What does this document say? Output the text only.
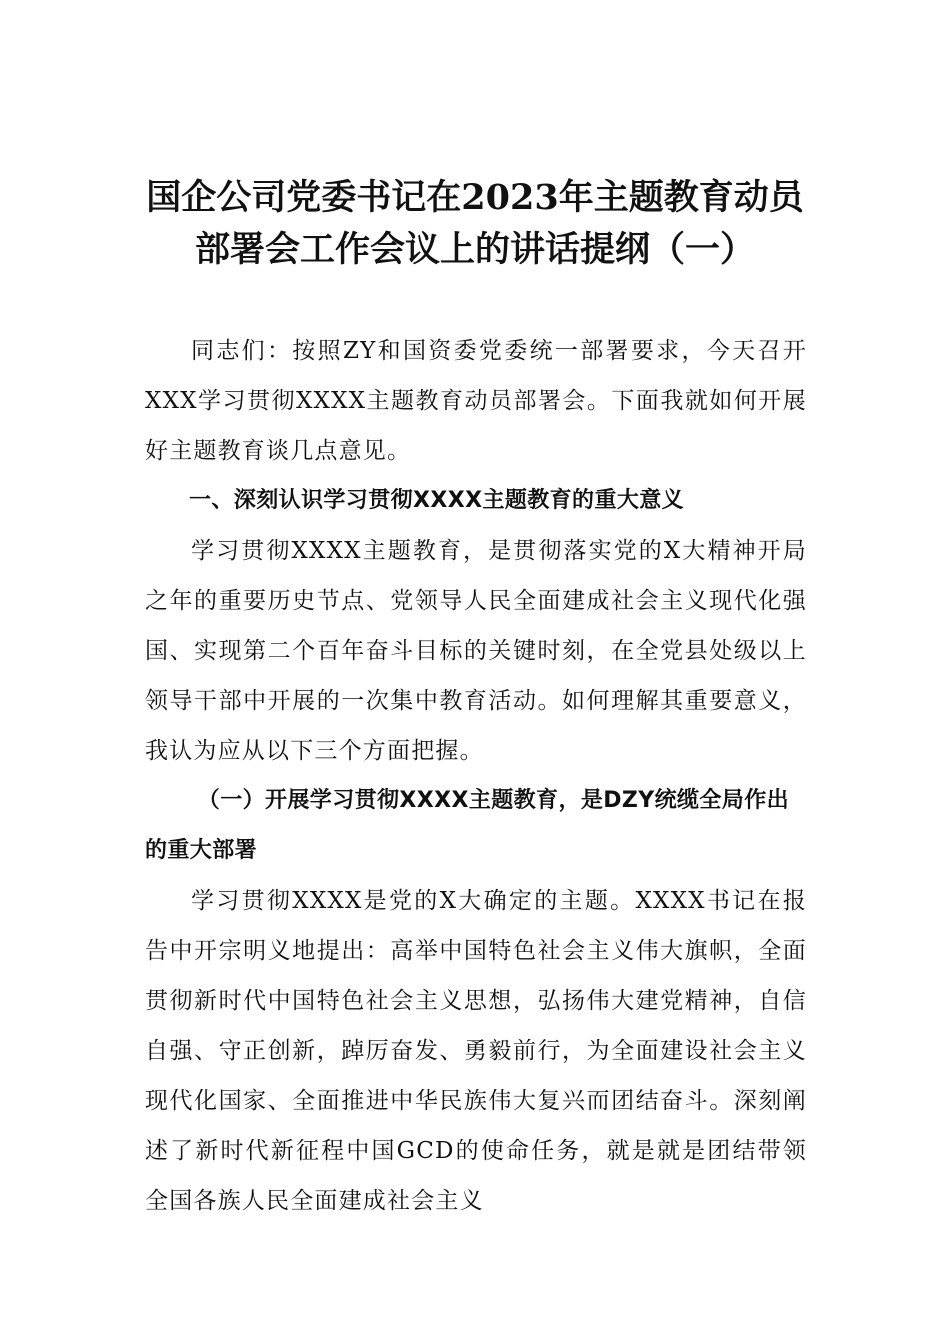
国企公司党委书记在2023年主题教育动员
部署会工作会议上的讲话提纲（一）

同志们：按照ZY和国资委党委统一部署要求，今天召开XXX学习贯彻XXXX主题教育动员部署会。下面我就如何开展好主题教育谈几点意见。

一、深刻认识学习贯彻XXXX主题教育的重大意义

学习贯彻XXXX主题教育，是贯彻落实党的X大精神开局之年的重要历史节点、党领导人民全面建成社会主义现代化强国、实现第二个百年奋斗目标的关键时刻，在全党县处级以上领导干部中开展的一次集中教育活动。如何理解其重要意义，我认为应从以下三个方面把握。

（一）开展学习贯彻XXXX主题教育，是DZY统缆全局作出的重大部署

学习贯彻XXXX是党的X大确定的主题。XXXX书记在报告中开宗明义地提出：高举中国特色社会主义伟大旗帜，全面贯彻新时代中国特色社会主义思想，弘扬伟大建党精神，自信自强、守正创新，踔厉奋发、勇毅前行，为全面建设社会主义现代化国家、全面推进中华民族伟大复兴而团结奋斗。深刻阐述了新时代新征程中国GCD的使命任务，就是就是团结带领全国各族人民全面建成社会主义
